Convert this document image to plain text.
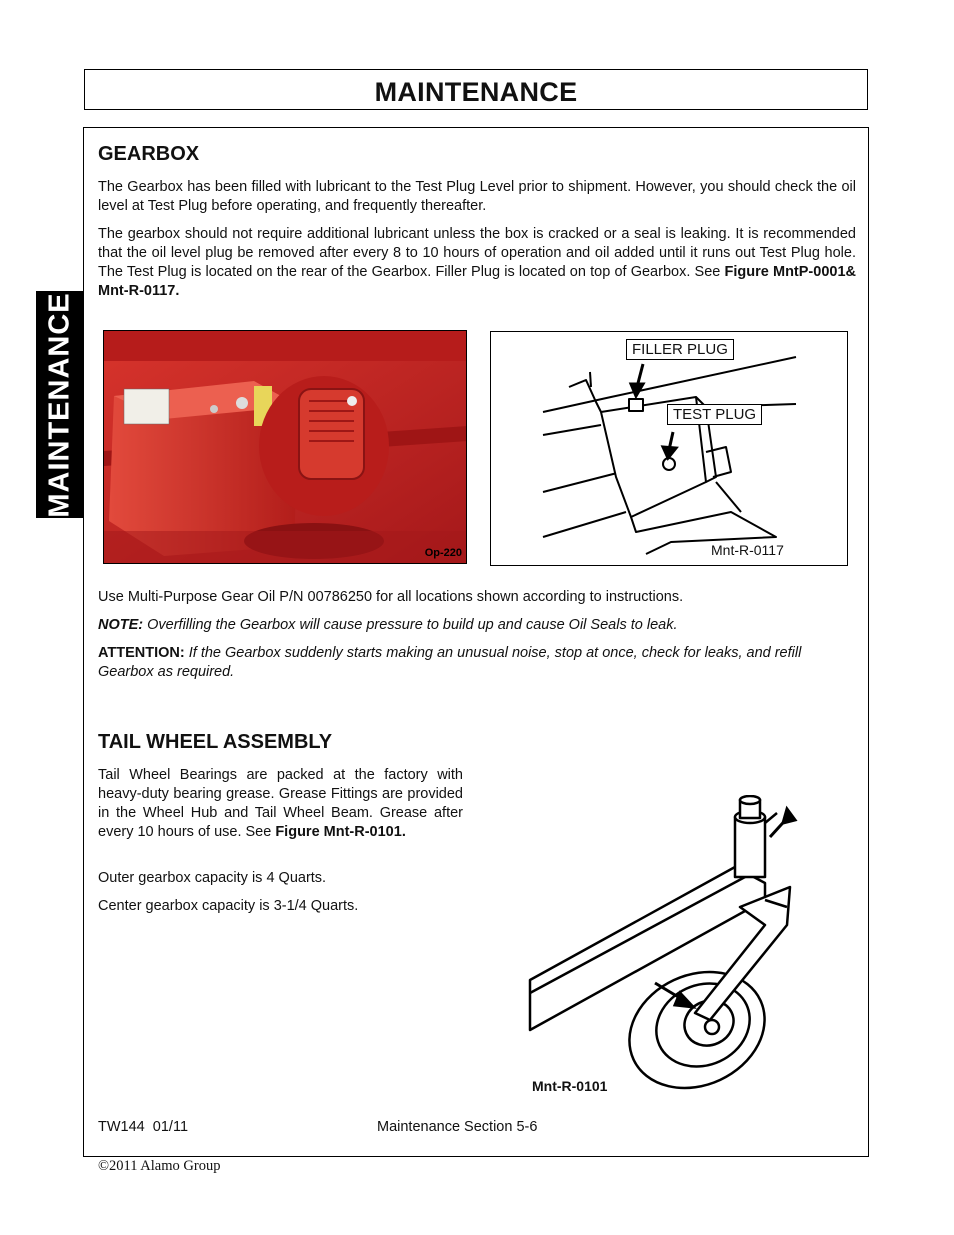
MAINTENANCE
MAINTENANCE
GEARBOX
The Gearbox has been filled with lubricant to the Test Plug Level prior to shipment. However, you should check the oil level at Test Plug before operating, and frequently thereafter.
The gearbox should not require additional lubricant unless the box is cracked or a seal is leaking. It is recommended that the oil level plug be removed after every 8 to 10 hours of operation and oil added until it runs out Test Plug hole. The Test Plug is located on the rear of the Gearbox. Filler Plug is located on top of Gearbox. See Figure MntP-0001& Mnt-R-0117.
Op-220
FILLER PLUG
TEST PLUG
Mnt-R-0117
Use Multi-Purpose Gear Oil P/N 00786250 for all locations shown according to instructions.
NOTE: Overfilling the Gearbox will cause pressure to build up and cause Oil Seals to leak.
ATTENTION: If the Gearbox suddenly starts making an unusual noise, stop at once, check for leaks, and refill Gearbox as required.
TAIL WHEEL ASSEMBLY
Tail Wheel Bearings are packed at the factory with heavy-duty bearing grease. Grease Fittings are provided in the Wheel Hub and Tail Wheel Beam. Grease after every 10 hours of use. See Figure Mnt-R-0101.
Outer gearbox capacity is 4 Quarts.
Center gearbox capacity is 3-1/4 Quarts.
Mnt-R-0101
TW144  01/11	Maintenance Section 5-6
©2011 Alamo Group
